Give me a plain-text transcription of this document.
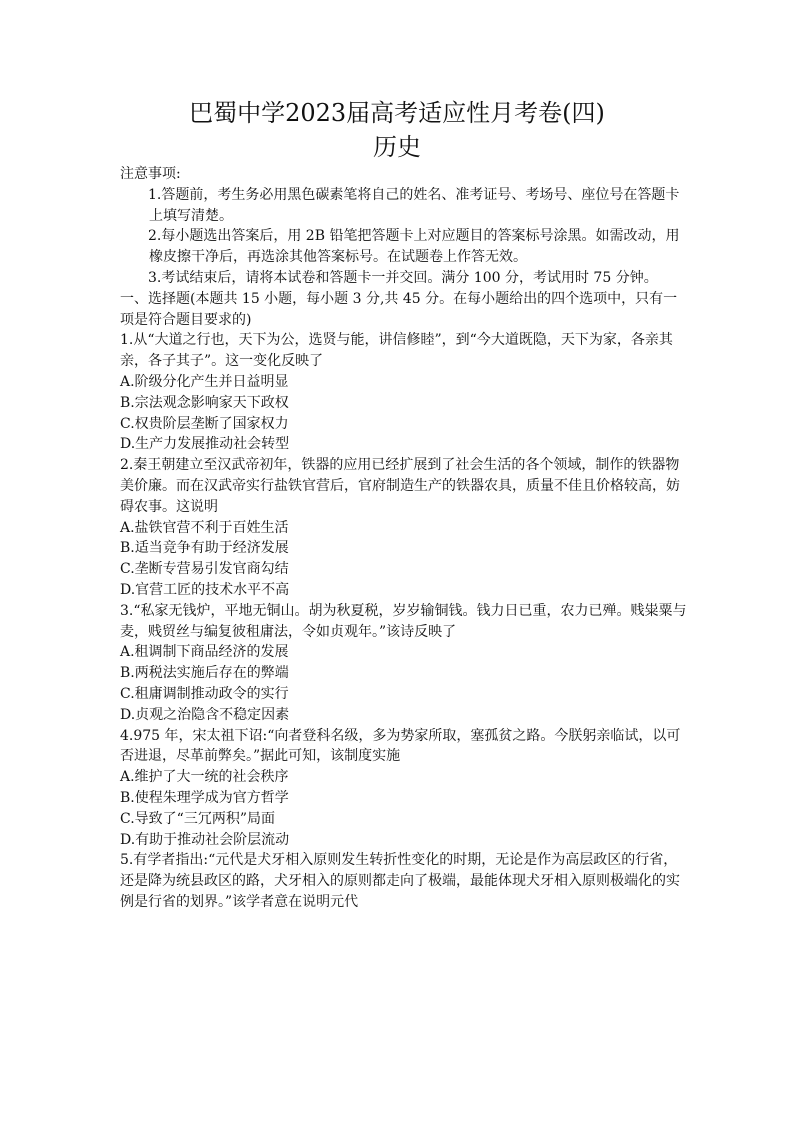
巴蜀中学2023届高考适应性月考卷(四)
历史

注意事项:

1.答题前，考生务必用黑色碳素笔将自己的姓名、准考证号、考场号、座位号在答题卡上填写清楚。

2.每小题选出答案后，用 2B 铅笔把答题卡上对应题目的答案标号涂黑。如需改动，用橡皮擦干净后，再选涂其他答案标号。在试题卷上作答无效。

3.考试结束后，请将本试卷和答题卡一并交回。满分 100 分，考试用时 75 分钟。

一、选择题(本题共 15 小题，每小题 3 分,共 45 分。在每小题给出的四个选项中，只有一项是符合题目要求的)

1.从“大道之行也，天下为公，选贤与能，讲信修睦”，到“今大道既隐，天下为家，各亲其亲，各子其子”。这一变化反映了

A.阶级分化产生并日益明显

B.宗法观念影响家天下政权

C.权贵阶层垄断了国家权力

D.生产力发展推动社会转型

2.秦王朝建立至汉武帝初年，铁器的应用已经扩展到了社会生活的各个领域，制作的铁器物美价廉。而在汉武帝实行盐铁官营后，官府制造生产的铁器农具，质量不佳且价格较高，妨碍农事。这说明

A.盐铁官营不利于百姓生活

B.适当竞争有助于经济发展

C.垄断专营易引发官商勾结

D.官营工匠的技术水平不高

3.“私家无钱炉，平地无铜山。胡为秋夏税，岁岁输铜钱。钱力日已重，农力已殚。贱粜粟与麦，贱贸丝与编复彼租庸法，令如贞观年。”该诗反映了

A.租调制下商品经济的发展

B.两税法实施后存在的弊端

C.租庸调制推动政令的实行

D.贞观之治隐含不稳定因素

4.975 年，宋太祖下诏:“向者登科名级，多为势家所取，塞孤贫之路。今朕躬亲临试，以可否进退，尽革前弊矣。”据此可知，该制度实施

A.维护了大一统的社会秩序

B.使程朱理学成为官方哲学

C.导致了“三冗两积”局面

D.有助于推动社会阶层流动

5.有学者指出:“元代是犬牙相入原则发生转折性变化的时期，无论是作为高层政区的行省，还是降为统县政区的路，犬牙相入的原则都走向了极端，最能体现犬牙相入原则极端化的实例是行省的划界。”该学者意在说明元代
